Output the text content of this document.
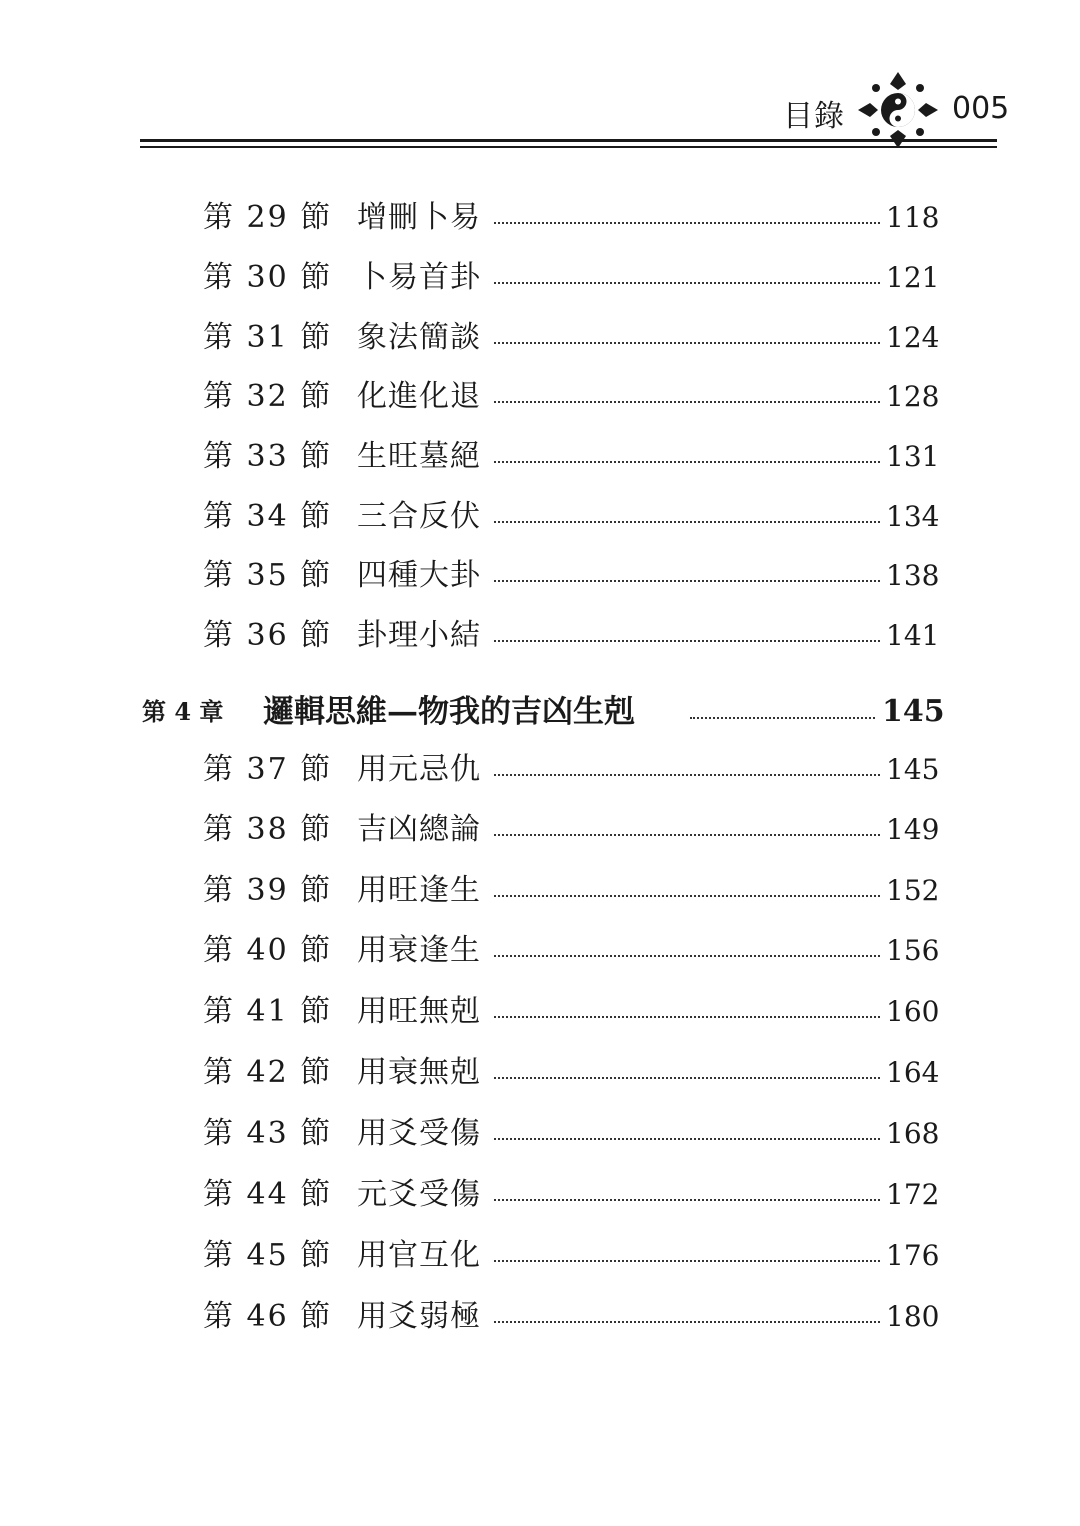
目錄	005
第 29 節 增刪卜易	118
第 30 節 卜易首卦	121
第 31 節 象法簡談	124
第 32 節 化進化退	128
第 33 節 生旺墓絕	131
第 34 節 三合反伏	134
第 35 節 四種大卦	138
第 36 節 卦理小結	141
第 4 章 邏輯思維—物我的吉凶生剋	145
第 37 節 用元忌仇	145
第 38 節 吉凶總論	149
第 39 節 用旺逢生	152
第 40 節 用衰逢生	156
第 41 節 用旺無剋	160
第 42 節 用衰無剋	164
第 43 節 用爻受傷	168
第 44 節 元爻受傷	172
第 45 節 用官互化	176
第 46 節 用爻弱極	180
